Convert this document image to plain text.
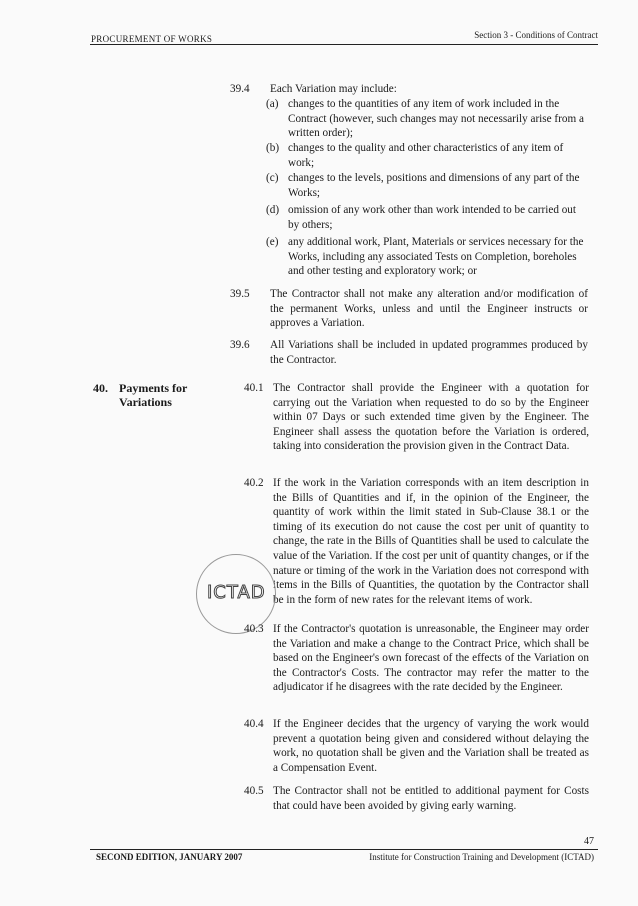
PROCUREMENT OF WORKS	Section 3 - Conditions of Contract
39.4 Each Variation may include:
(a) changes to the quantities of any item of work included in the Contract (however, such changes may not necessarily arise from a written order);
(b) changes to the quality and other characteristics of any item of work;
(c) changes to the levels, positions and dimensions of any part of the Works;
(d) omission of any work other than work intended to be carried out by others;
(e) any additional work, Plant, Materials or services necessary for the Works, including any associated Tests on Completion, boreholes and other testing and exploratory work; or
39.5 The Contractor shall not make any alteration and/or modification of the permanent Works, unless and until the Engineer instructs or approves a Variation.
39.6 All Variations shall be included in updated programmes produced by the Contractor.
40. Payments for
Variations
40.1 The Contractor shall provide the Engineer with a quotation for carrying out the Variation when requested to do so by the Engineer within 07 Days or such extended time given by the Engineer. The Engineer shall assess the quotation before the Variation is ordered, taking into consideration the provision given in the Contract Data.
40.2 If the work in the Variation corresponds with an item description in the Bills of Quantities and if, in the opinion of the Engineer, the quantity of work within the limit stated in Sub-Clause 38.1 or the timing of its execution do not cause the cost per unit of quantity to change, the rate in the Bills of Quantities shall be used to calculate the value of the Variation. If the cost per unit of quantity changes, or if the nature or timing of the work in the Variation does not correspond with items in the Bills of Quantities, the quotation by the Contractor shall be in the form of new rates for the relevant items of work.
ICTAD
40.3 If the Contractor's quotation is unreasonable, the Engineer may order the Variation and make a change to the Contract Price, which shall be based on the Engineer's own forecast of the effects of the Variation on the Contractor's Costs. The contractor may refer the matter to the adjudicator if he disagrees with the rate decided by the Engineer.
40.4 If the Engineer decides that the urgency of varying the work would prevent a quotation being given and considered without delaying the work, no quotation shall be given and the Variation shall be treated as a Compensation Event.
40.5 The Contractor shall not be entitled to additional payment for Costs that could have been avoided by giving early warning.
47
SECOND EDITION, JANUARY 2007	Institute for Construction Training and Development (ICTAD)
